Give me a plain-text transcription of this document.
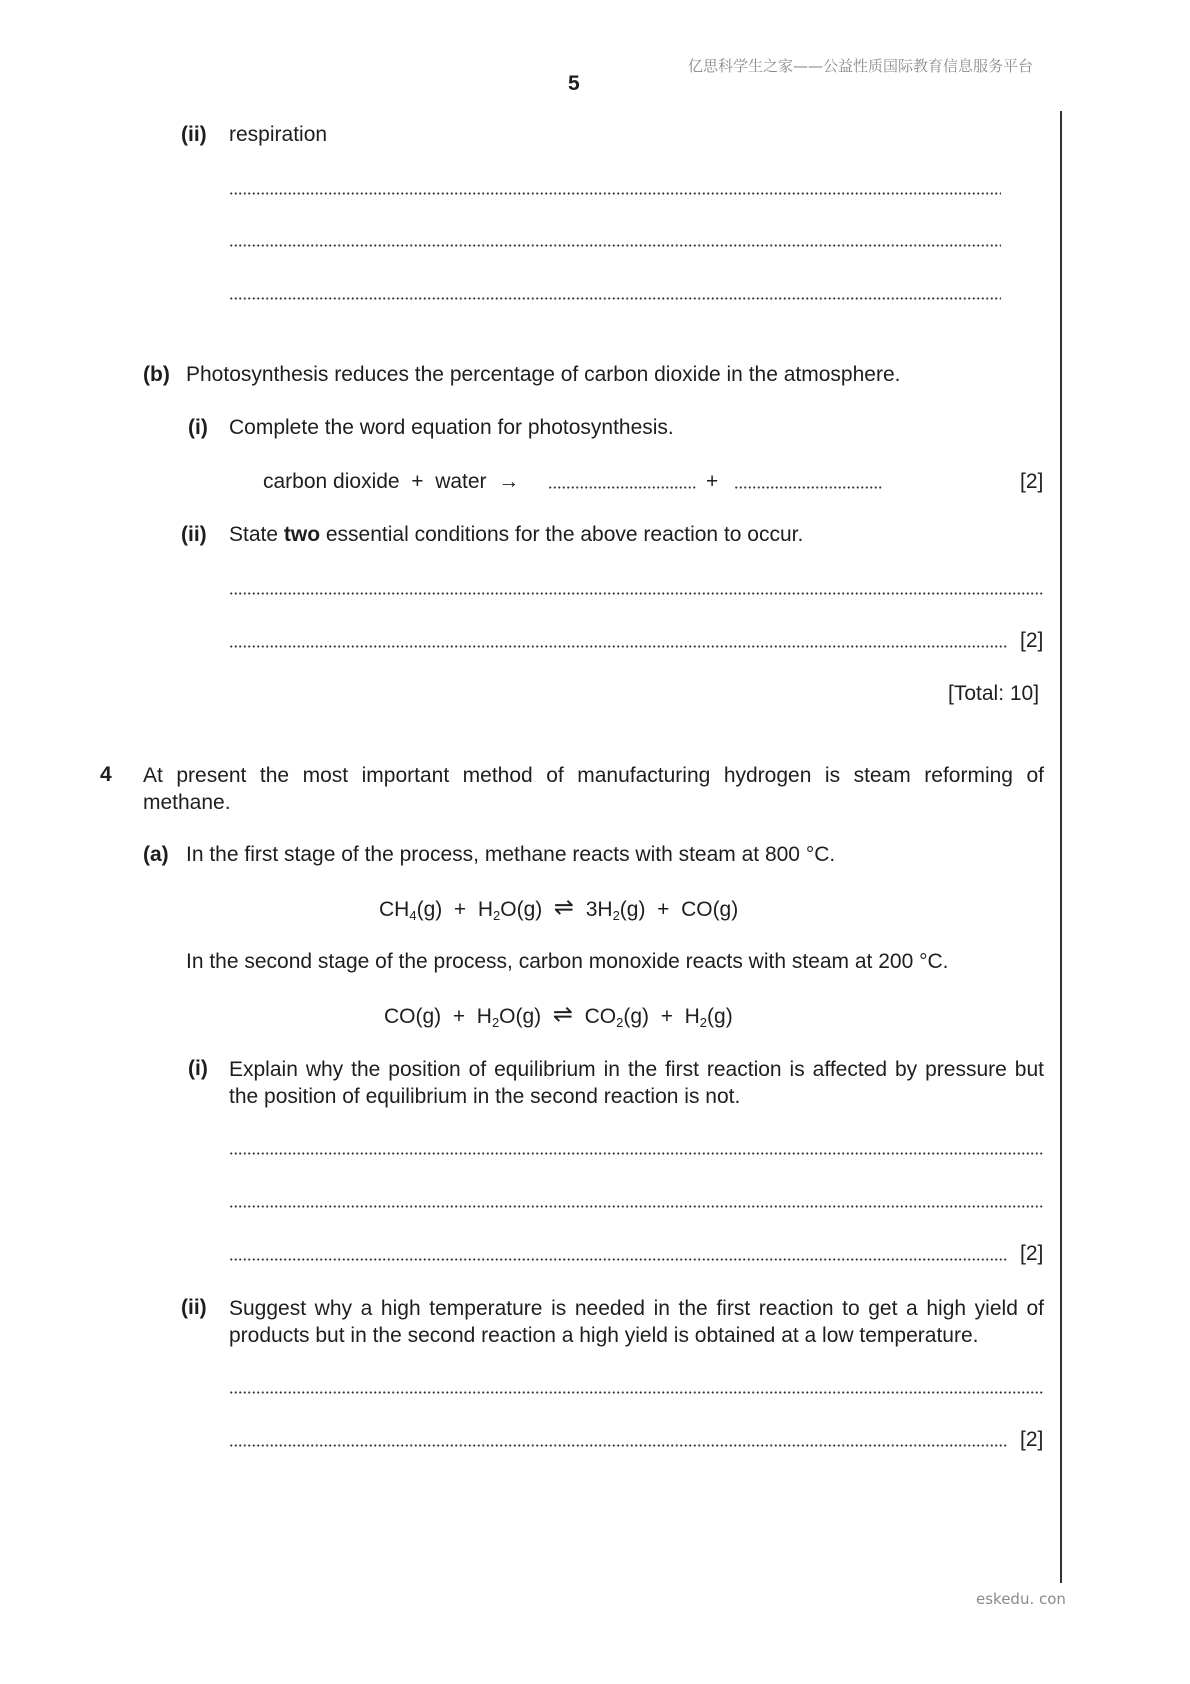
亿思科学生之家——公益性质国际教育信息服务平台
5
(ii) respiration
(b) Photosynthesis reduces the percentage of carbon dioxide in the atmosphere.
(i) Complete the word equation for photosynthesis.
carbon dioxide  +  water  →	+	[2]
(ii) State two essential conditions for the above reaction to occur.
[2]
[Total: 10]
4 At present the most important method of manufacturing hydrogen is steam reforming of methane.
(a) In the first stage of the process, methane reacts with steam at 800 °C.
$CH_4(g) + H_2O(g)$ ⇌ $3H_2(g) + CO(g)$
In the second stage of the process, carbon monoxide reacts with steam at 200 °C.
$CO(g) + H_2O(g)$ ⇌ $CO_2(g) + H_2(g)$
(i) Explain why the position of equilibrium in the first reaction is affected by pressure but the position of equilibrium in the second reaction is not.
[2]
(ii) Suggest why a high temperature is needed in the first reaction to get a high yield of products but in the second reaction a high yield is obtained at a low temperature.
[2]
eskedu. con
